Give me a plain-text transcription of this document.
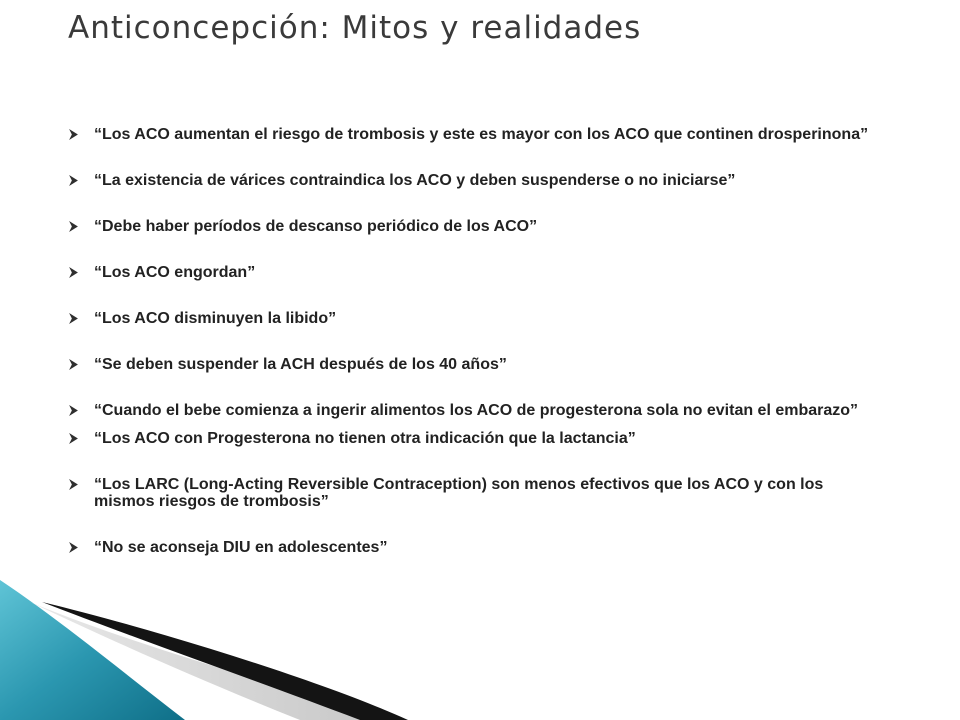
Anticoncepción: Mitos y realidades
“Los ACO aumentan el riesgo de trombosis y este es mayor con los ACO que continen drosperinona”
“La existencia de várices contraindica los ACO y deben suspenderse o no iniciarse”
“Debe haber períodos de descanso periódico de los ACO”
“Los ACO engordan”
“Los ACO disminuyen la libido”
“Se deben suspender la ACH después de los 40 años”
“Cuando el bebe comienza a ingerir alimentos los ACO de progesterona sola no evitan el embarazo”
“Los ACO con Progesterona no tienen otra indicación que la lactancia”
“Los LARC (Long-Acting Reversible Contraception) son menos efectivos que los ACO y con los mismos riesgos de trombosis”
“No se aconseja DIU en adolescentes”
